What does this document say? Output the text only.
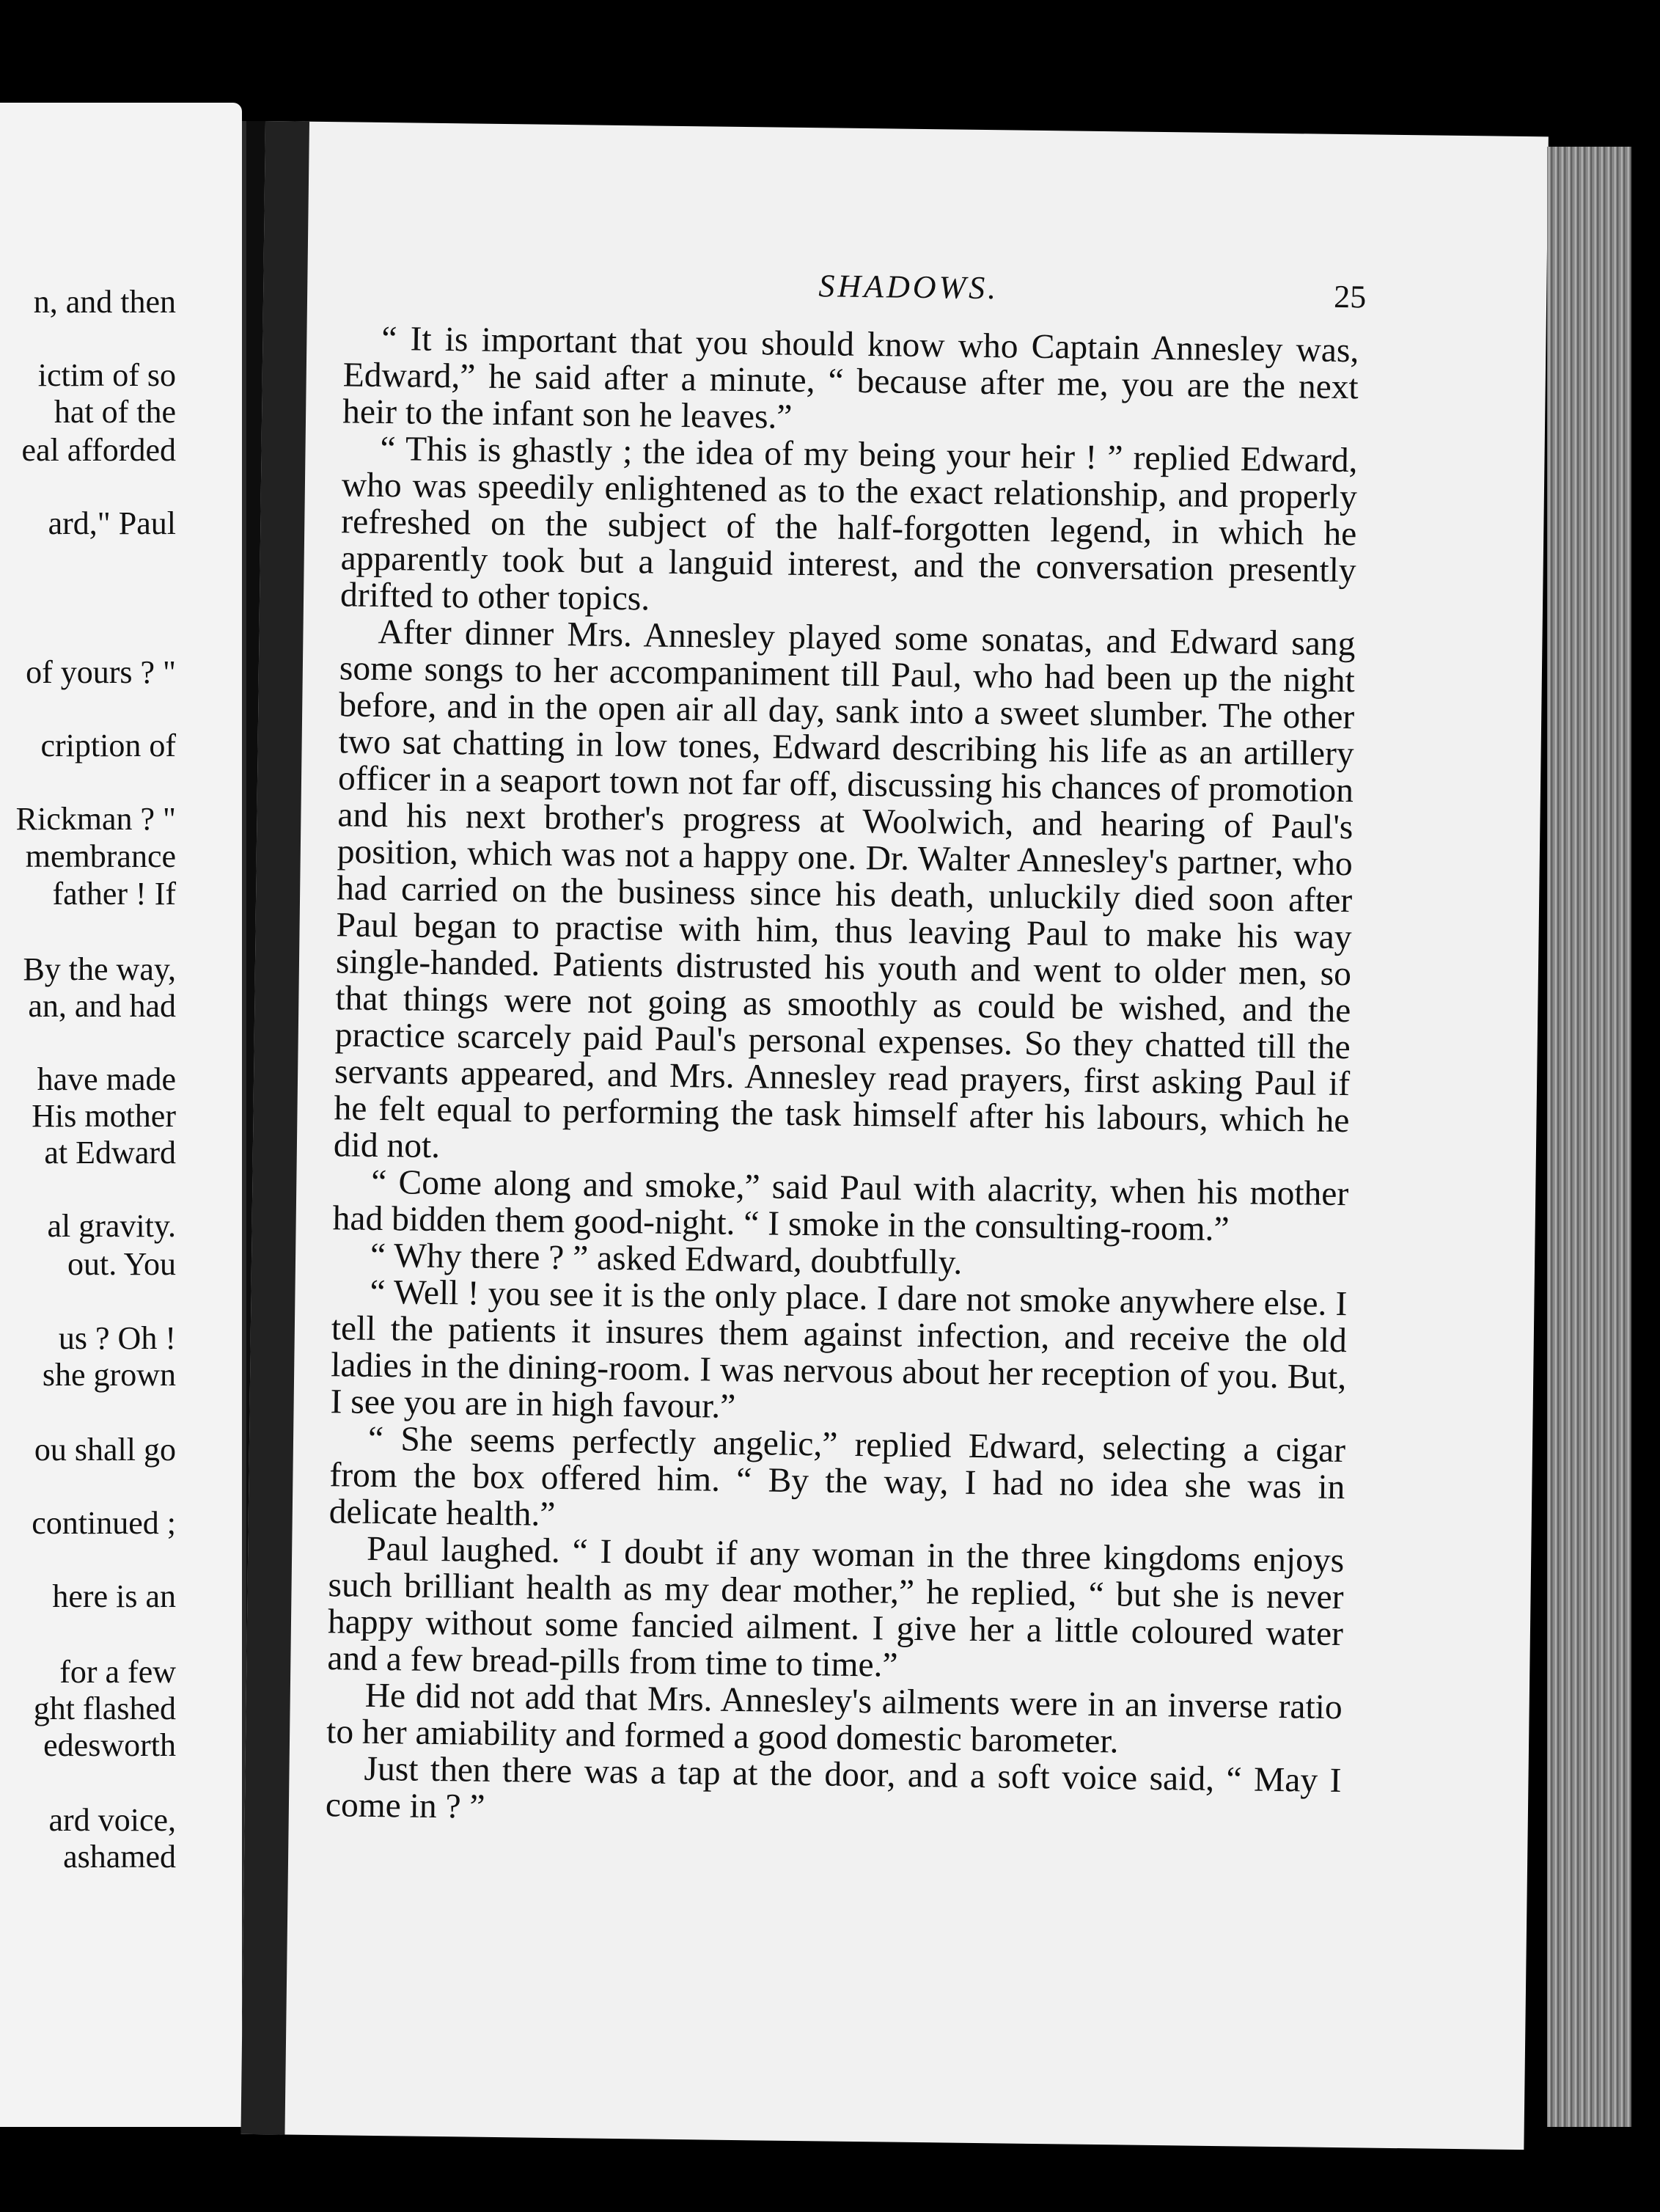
n, and then
ictim of so
hat of the
eal afforded
ard," Paul
of yours ? "
cription of
Rickman ? "
membrance
father ! If
By the way,
an, and had
have made
His mother
at Edward
al gravity.
out. You
us ? Oh !
she grown
ou shall go
continued ;
here is an
for a few
ght flashed
edesworth
ard voice,
ashamed
SHADOWS.	25

“ It is important that you should know who Captain Annesley was, Edward,” he said after a minute, “ because after me, you are the next heir to the infant son he leaves.”

“ This is ghastly ; the idea of my being your heir ! ” replied Edward, who was speedily enlightened as to the exact relationship, and properly refreshed on the subject of the half-forgotten legend, in which he apparently took but a languid interest, and the conversation presently drifted to other topics.

After dinner Mrs. Annesley played some sonatas, and Edward sang some songs to her accompaniment till Paul, who had been up the night before, and in the open air all day, sank into a sweet slumber. The other two sat chatting in low tones, Edward describing his life as an artillery officer in a seaport town not far off, discussing his chances of promotion and his next brother's progress at Woolwich, and hearing of Paul's position, which was not a happy one. Dr. Walter Annesley's partner, who had carried on the business since his death, unluckily died soon after Paul began to practise with him, thus leaving Paul to make his way single-handed. Patients distrusted his youth and went to older men, so that things were not going as smoothly as could be wished, and the practice scarcely paid Paul's personal expenses. So they chatted till the servants appeared, and Mrs. Annesley read prayers, first asking Paul if he felt equal to performing the task himself after his labours, which he did not.

“ Come along and smoke,” said Paul with alacrity, when his mother had bidden them good-night. “ I smoke in the consulting-room.”

“ Why there ? ” asked Edward, doubtfully.

“ Well ! you see it is the only place. I dare not smoke anywhere else. I tell the patients it insures them against infection, and receive the old ladies in the dining-room. I was nervous about her reception of you. But, I see you are in high favour.”

“ She seems perfectly angelic,” replied Edward, selecting a cigar from the box offered him. “ By the way, I had no idea she was in delicate health.”

Paul laughed. “ I doubt if any woman in the three kingdoms enjoys such brilliant health as my dear mother,” he replied, “ but she is never happy without some fancied ailment. I give her a little coloured water and a few bread-pills from time to time.”

He did not add that Mrs. Annesley's ailments were in an inverse ratio to her amiability and formed a good domestic barometer.

Just then there was a tap at the door, and a soft voice said, “ May I come in ? ”
